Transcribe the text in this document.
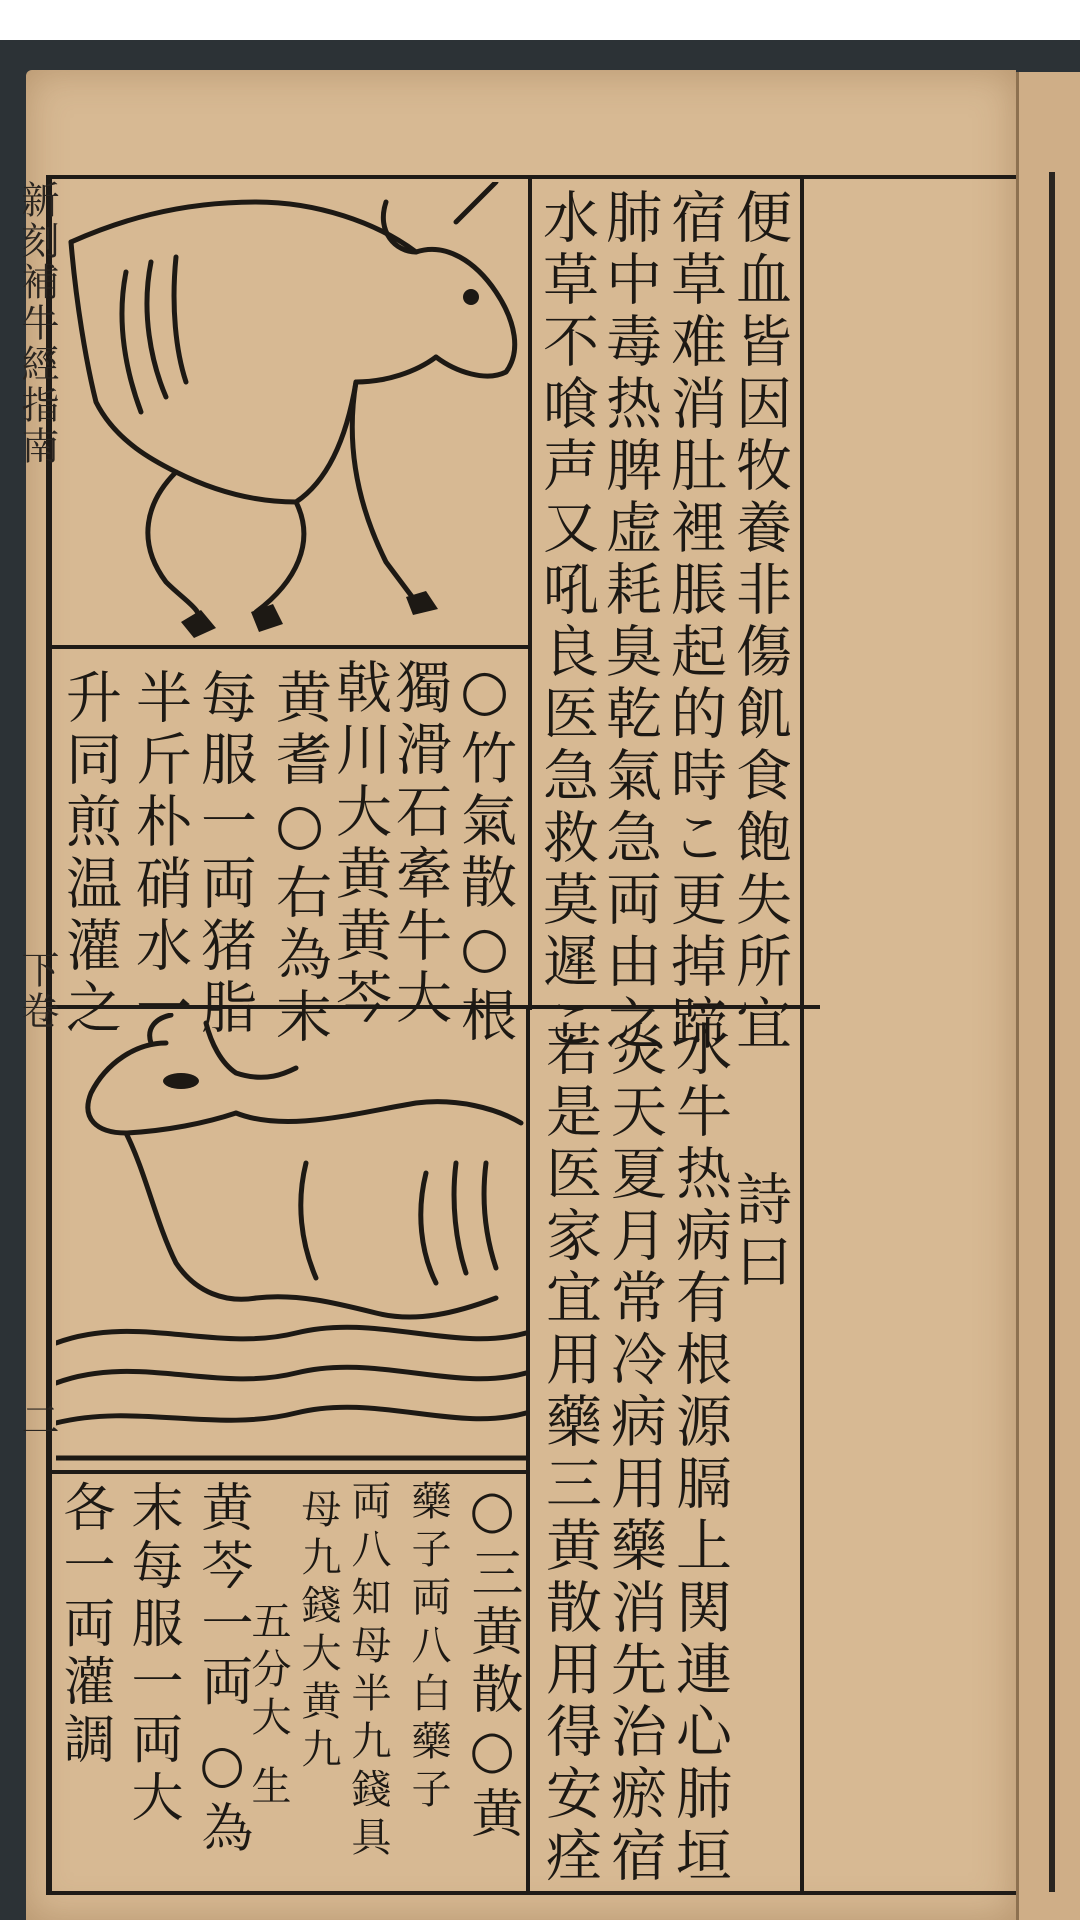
新刻補牛經指南
下卷
二
便血皆因牧養非傷飢食飽失所宜
宿草难消肚裡脹起的時こ更掉蹄
肺中毒热脾虚耗臭乾氣急両由之
水草不喰声又吼良医急救莫遲こ
○竹氣散○根
獨滑石牽牛大
戟川大黄黄芩
黄耆○右為末
每服一両猪脂
半斤朴硝水一
升同煎温灌之
詩曰
水牛热病有根源膈上関連心肺垣
炎天夏月常冷病用藥消先治瘀宿
若是医家宜用藥三黄散用得安痊
○三黄散○黄
藥子両八白藥子
両八知母半九錢具
母九錢大黄九
五分大 生
黄芩一両 ○為
末每服一両大
各一両灌調
